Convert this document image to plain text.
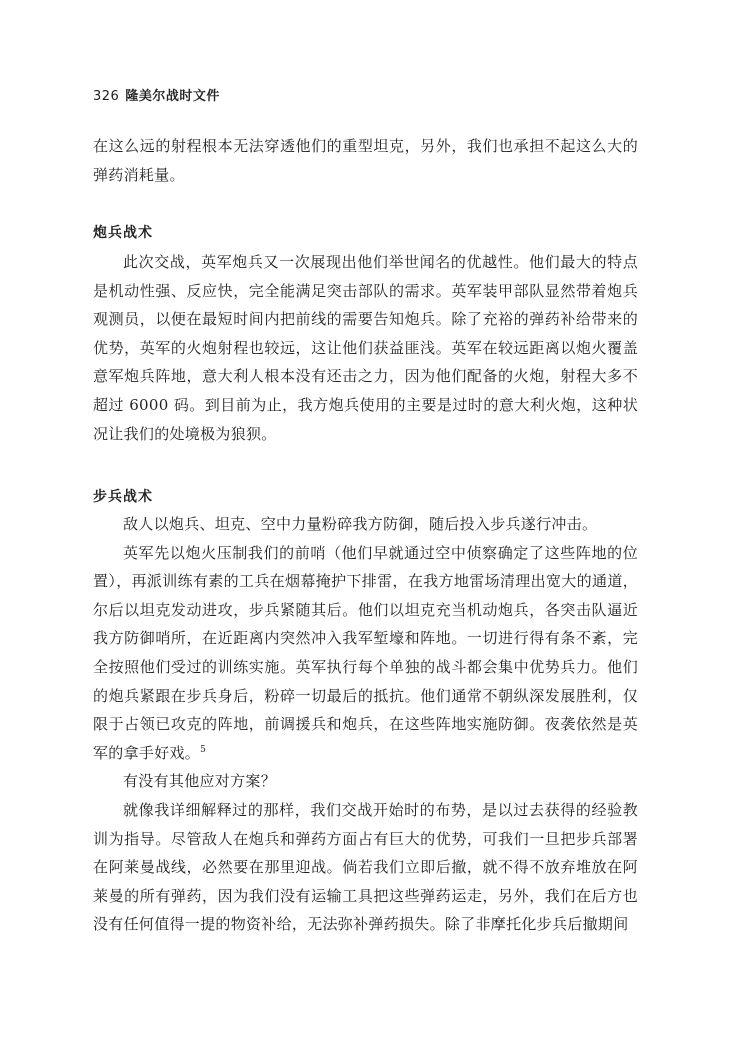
326 隆美尔战时文件

在这么远的射程根本无法穿透他们的重型坦克，另外，我们也承担不起这么大的弹药消耗量。

炮兵战术

此次交战，英军炮兵又一次展现出他们举世闻名的优越性。他们最大的特点是机动性强、反应快，完全能满足突击部队的需求。英军装甲部队显然带着炮兵观测员，以便在最短时间内把前线的需要告知炮兵。除了充裕的弹药补给带来的优势，英军的火炮射程也较远，这让他们获益匪浅。英军在较远距离以炮火覆盖意军炮兵阵地，意大利人根本没有还击之力，因为他们配备的火炮，射程大多不超过 6000 码。到目前为止，我方炮兵使用的主要是过时的意大利火炮，这种状况让我们的处境极为狼狈。

步兵战术

敌人以炮兵、坦克、空中力量粉碎我方防御，随后投入步兵遂行冲击。

英军先以炮火压制我们的前哨（他们早就通过空中侦察确定了这些阵地的位置），再派训练有素的工兵在烟幕掩护下排雷，在我方地雷场清理出宽大的通道，尔后以坦克发动进攻，步兵紧随其后。他们以坦克充当机动炮兵，各突击队逼近我方防御哨所，在近距离内突然冲入我军堑壕和阵地。一切进行得有条不紊，完全按照他们受过的训练实施。英军执行每个单独的战斗都会集中优势兵力。他们的炮兵紧跟在步兵身后，粉碎一切最后的抵抗。他们通常不朝纵深发展胜利，仅限于占领已攻克的阵地，前调援兵和炮兵，在这些阵地实施防御。夜袭依然是英军的拿手好戏。$^5$

有没有其他应对方案？

就像我详细解释过的那样，我们交战开始时的布势，是以过去获得的经验教训为指导。尽管敌人在炮兵和弹药方面占有巨大的优势，可我们一旦把步兵部署在阿莱曼战线，必然要在那里迎战。倘若我们立即后撤，就不得不放弃堆放在阿莱曼的所有弹药，因为我们没有运输工具把这些弹药运走，另外，我们在后方也没有任何值得一提的物资补给，无法弥补弹药损失。除了非摩托化步兵后撤期间
